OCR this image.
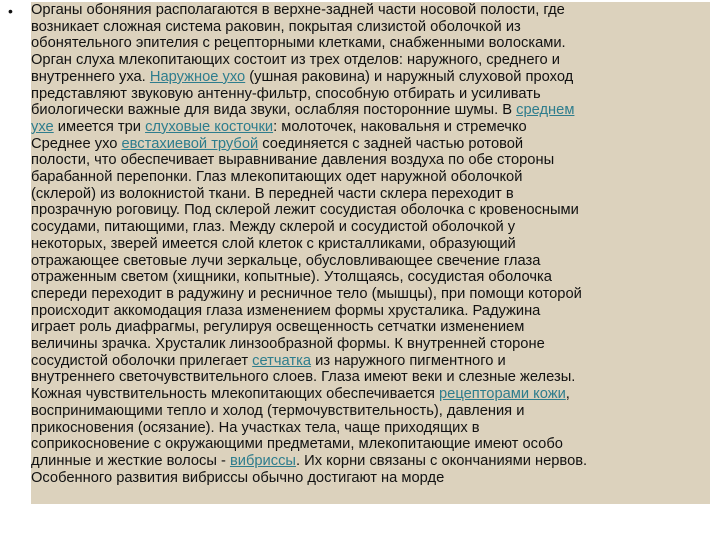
• Органы обоняния располагаются в верхне-задней части носовой полости, где
возникает сложная система раковин, покрытая слизистой оболочкой из
обонятельного эпителия с рецепторными клетками, снабженными волосками.
Орган слуха млекопитающих состоит из трех отделов: наружного, среднего и
внутреннего уха. Наружное ухо (ушная раковина) и наружный слуховой проход
представляют звуковую антенну-фильтр, способную отбирать и усиливать
биологически важные для вида звуки, ослабляя посторонние шумы. В среднем
ухе имеется три слуховые косточки: молоточек, наковальня и стремечко
Среднее ухо евстахиевой трубой соединяется с задней частью ротовой
полости, что обеспечивает выравнивание давления воздуха по обе стороны
барабанной перепонки. Глаз млекопитающих одет наружной оболочкой
(склерой) из волокнистой ткани. В передней части склера переходит в
прозрачную роговицу. Под склерой лежит сосудистая оболочка с кровеносными
сосудами, питающими, глаз. Между склерой и сосудистой оболочкой у
некоторых, зверей имеется слой клеток с кристалликами, образующий
отражающее световые лучи зеркальце, обусловливающее свечение глаза
отраженным светом (хищники, копытные). Утолщаясь, сосудистая оболочка
спереди переходит в радужину и ресничное тело (мышцы), при помощи которой
происходит аккомодация глаза изменением формы хрусталика. Радужина
играет роль диафрагмы, регулируя освещенность сетчатки изменением
величины зрачка. Хрусталик линзообразной формы. К внутренней стороне
сосудистой оболочки прилегает сетчатка из наружного пигментного и
внутреннего светочувствительного слоев. Глаза имеют веки и слезные железы.
Кожная чувствительность млекопитающих обеспечивается рецепторами кожи,
воспринимающими тепло и холод (термочувствительность), давления и
прикосновения (осязание). На участках тела, чаще приходящих в
соприкосновение с окружающими предметами, млекопитающие имеют особо
длинные и жесткие волосы - вибриссы. Их корни связаны с окончаниями нервов.
Особенного развития вибриссы обычно достигают на морде
